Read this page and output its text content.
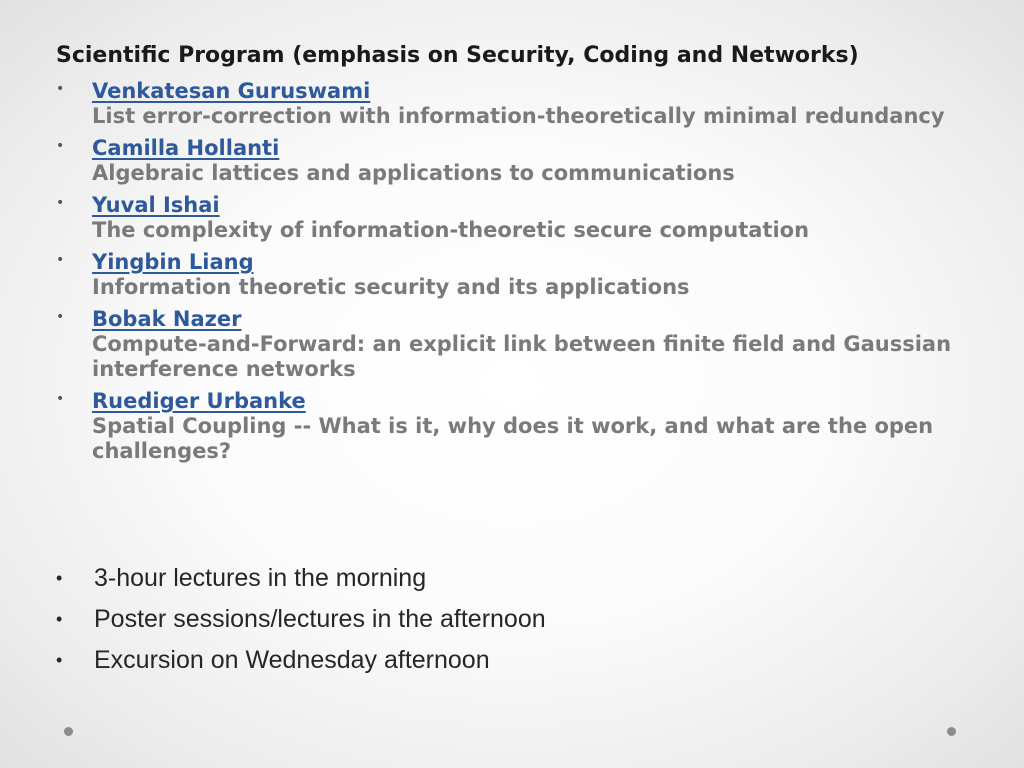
Scientific Program (emphasis on Security, Coding and Networks)
• Venkatesan Guruswami
List error-correction with information-theoretically minimal redundancy
• Camilla Hollanti
Algebraic lattices and applications to communications
• Yuval Ishai
The complexity of information-theoretic secure computation
• Yingbin Liang
Information theoretic security and its applications
• Bobak Nazer
Compute-and-Forward: an explicit link between finite field and Gaussian interference networks
• Ruediger Urbanke
Spatial Coupling -- What is it, why does it work, and what are the open challenges?
• 3-hour lectures in the morning
• Poster sessions/lectures in the afternoon
• Excursion on Wednesday afternoon
